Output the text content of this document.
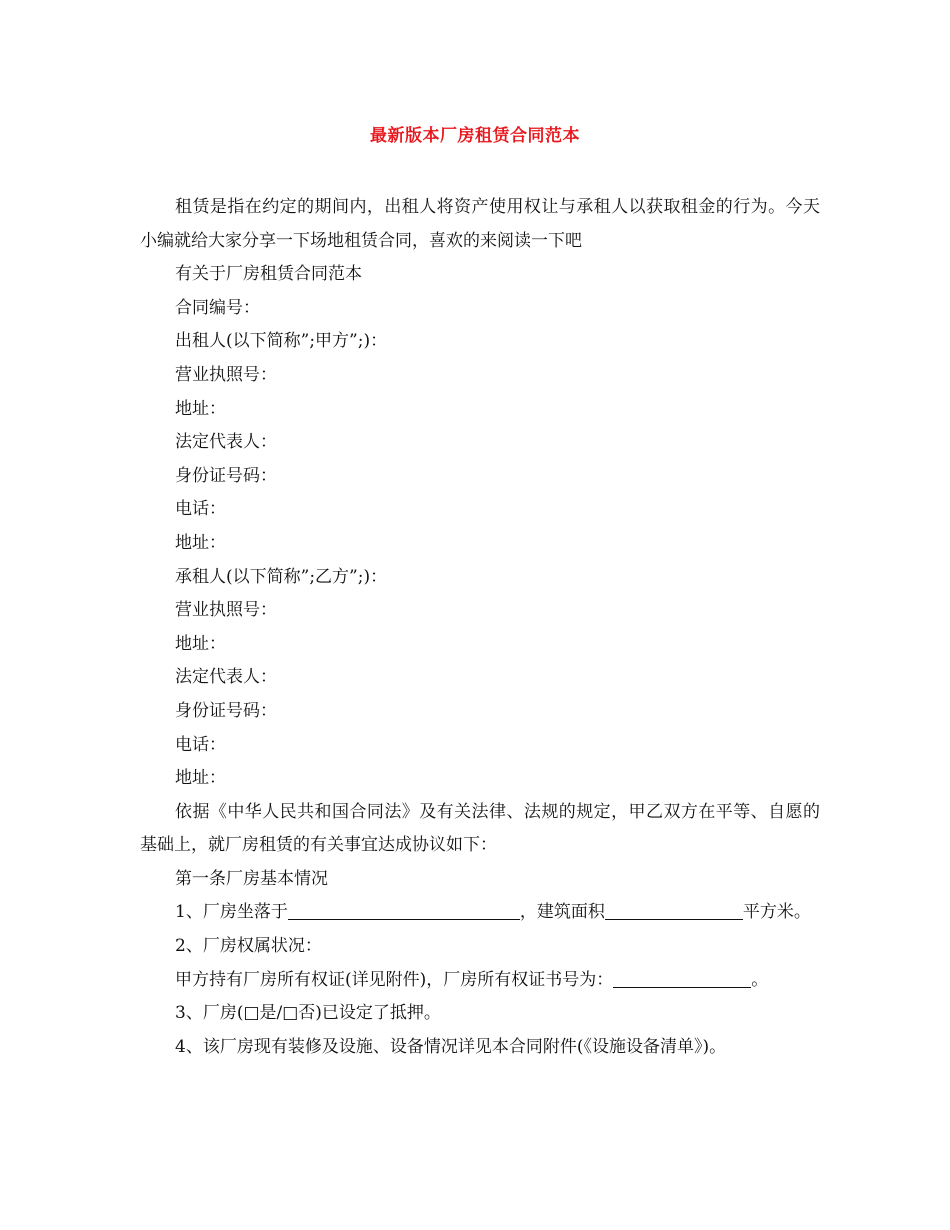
最新版本厂房租赁合同范本

租赁是指在约定的期间内，出租人将资产使用权让与承租人以获取租金的行为。今天小编就给大家分享一下场地租赁合同，喜欢的来阅读一下吧

有关于厂房租赁合同范本

合同编号：

出租人(以下简称”;甲方”;)：

营业执照号：

地址：

法定代表人：

身份证号码：

电话：

地址：

承租人(以下简称”;乙方”;)：

营业执照号：

地址：

法定代表人：

身份证号码：

电话：

地址：

依据《中华人民共和国合同法》及有关法律、法规的规定，甲乙双方在平等、自愿的基础上，就厂房租赁的有关事宜达成协议如下：

第一条厂房基本情况

1、厂房坐落于	，建筑面积	平方米。

2、厂房权属状况：

甲方持有厂房所有权证(详见附件)，厂房所有权证书号为：	。

3、厂房(□是/□否)已设定了抵押。

4、该厂房现有装修及设施、设备情况详见本合同附件(《设施设备清单》)。
